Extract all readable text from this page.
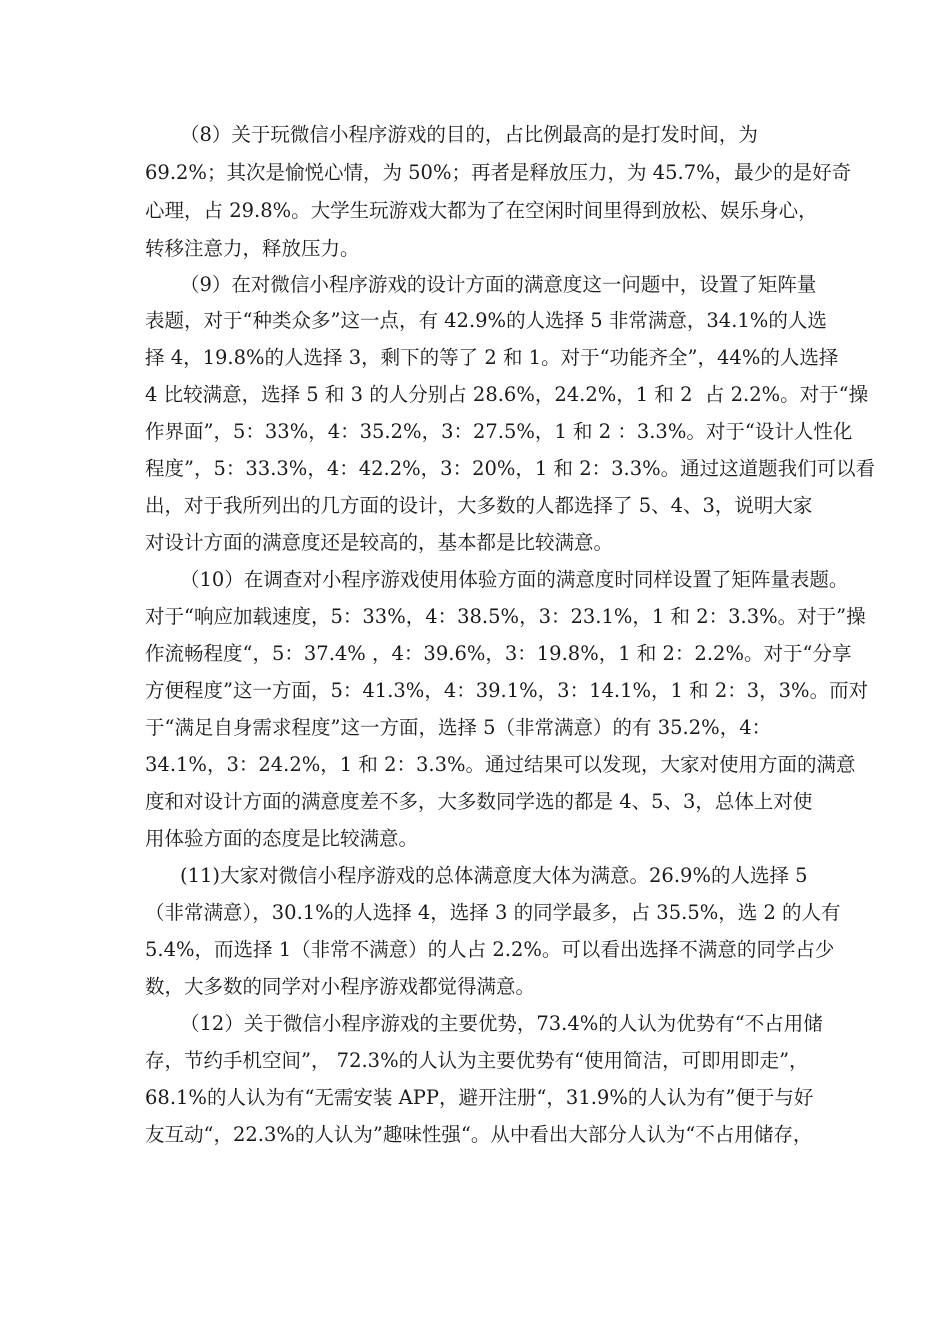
（8）关于玩微信小程序游戏的目的，占比例最高的是打发时间，为
69.2%；其次是愉悦心情，为 50%；再者是释放压力，为 45.7%，最少的是好奇
心理，占 29.8%。大学生玩游戏大都为了在空闲时间里得到放松、娱乐身心，
转移注意力，释放压力。
（9）在对微信小程序游戏的设计方面的满意度这一问题中，设置了矩阵量
表题，对于“种类众多”这一点，有 42.9%的人选择 5 非常满意，34.1%的人选
择 4，19.8%的人选择 3，剩下的等了 2 和 1。对于“功能齐全”，44%的人选择
4 比较满意，选择 5 和 3 的人分别占 28.6%，24.2%，1 和 2  占 2.2%。对于“操
作界面”，5：33%，4：35.2%，3：27.5%，1 和 2 ：3.3%。对于“设计人性化
程度”，5：33.3%，4：42.2%，3：20%，1 和 2：3.3%。通过这道题我们可以看
出，对于我所列出的几方面的设计，大多数的人都选择了 5、4、3，说明大家
对设计方面的满意度还是较高的，基本都是比较满意。
（10）在调查对小程序游戏使用体验方面的满意度时同样设置了矩阵量表题。
对于“响应加载速度，5：33%，4：38.5%，3：23.1%，1 和 2：3.3%。对于”操
作流畅程度“，5：37.4% ，4：39.6%，3：19.8%，1 和 2：2.2%。对于“分享
方便程度”这一方面，5：41.3%，4：39.1%，3：14.1%，1 和 2：3，3%。而对
于“满足自身需求程度”这一方面，选择 5（非常满意）的有 35.2%，4：
34.1%，3：24.2%，1 和 2：3.3%。通过结果可以发现，大家对使用方面的满意
度和对设计方面的满意度差不多，大多数同学选的都是 4、5、3，总体上对使
用体验方面的态度是比较满意。
(11)大家对微信小程序游戏的总体满意度大体为满意。26.9%的人选择 5
（非常满意），30.1%的人选择 4，选择 3 的同学最多，占 35.5%，选 2 的人有
5.4%，而选择 1（非常不满意）的人占 2.2%。可以看出选择不满意的同学占少
数，大多数的同学对小程序游戏都觉得满意。
（12）关于微信小程序游戏的主要优势，73.4%的人认为优势有“不占用储
存，节约手机空间”， 72.3%的人认为主要优势有“使用简洁，可即用即走”，
68.1%的人认为有“无需安装 APP，避开注册“，31.9%的人认为有”便于与好
友互动“，22.3%的人认为”趣味性强“。从中看出大部分人认为“不占用储存，
